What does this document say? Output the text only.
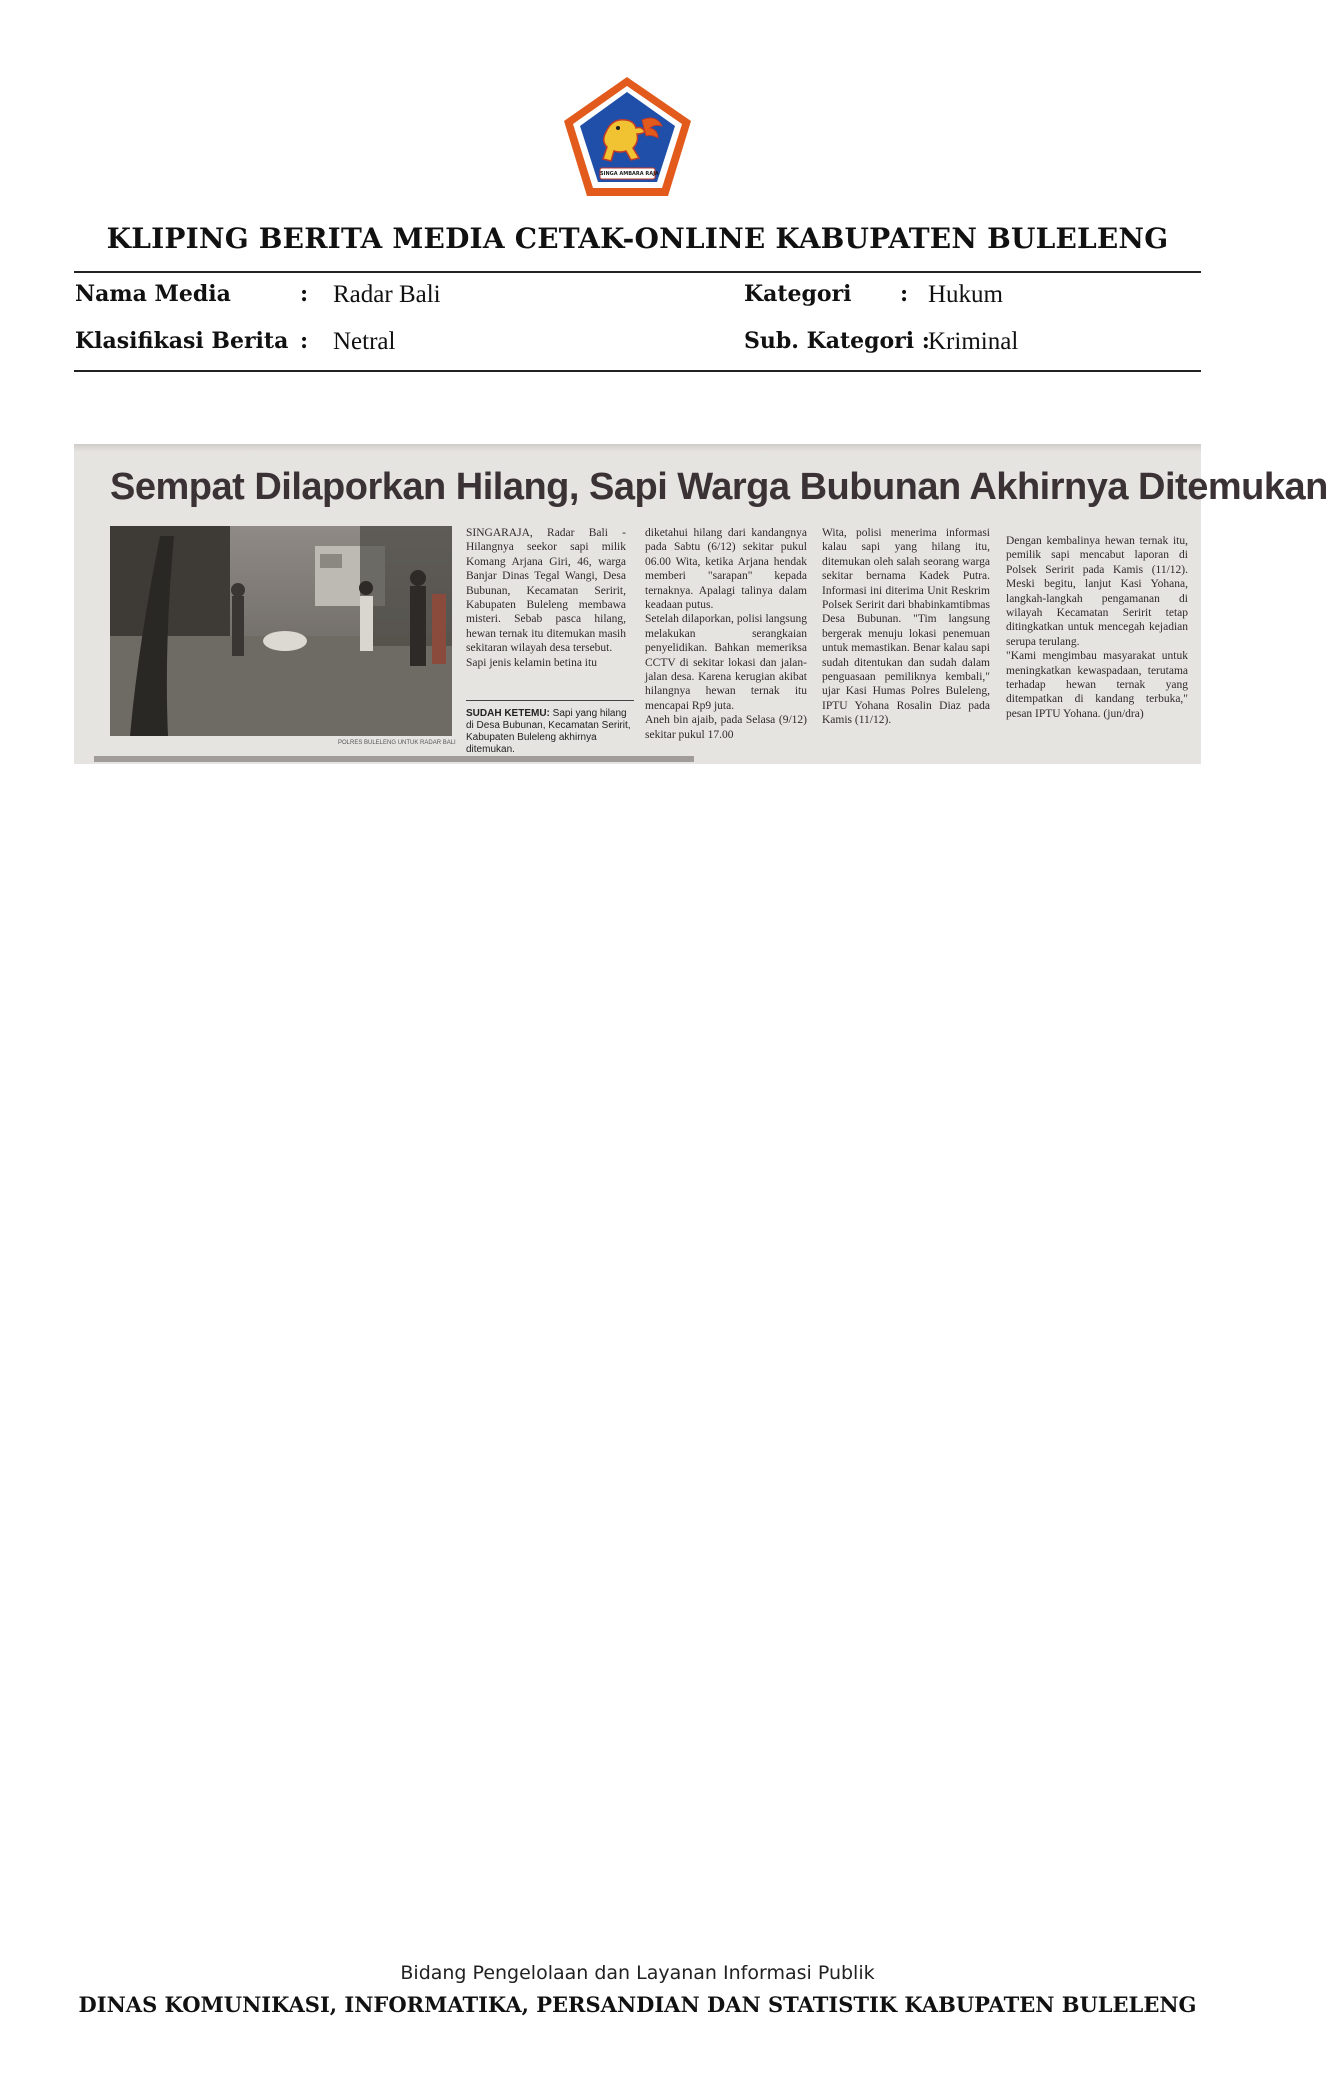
SINGA AMBARA RAJA
KLIPING BERITA MEDIA CETAK-ONLINE KABUPATEN BULELENG
Nama Media	: Radar Bali
Klasifikasi Berita : Netral
Kategori : Hukum
Sub. Kategori :
Kriminal
Sempat Dilaporkan Hilang, Sapi Warga Bubunan Akhirnya Ditemukan
POLRES BULELENG UNTUK RADAR BALI
SINGARAJA, Radar Bali - Hilangnya seekor sapi milik Komang Arjana Giri, 46, warga Banjar Dinas Tegal Wangi, Desa Bubunan, Kecamatan Seririt, Kabupaten Buleleng membawa misteri. Sebab pasca hilang, hewan ternak itu ditemukan masih sekitaran wilayah desa tersebut.
Sapi jenis kelamin betina itu
diketahui hilang dari kandangnya pada Sabtu (6/12) sekitar pukul 06.00 Wita, ketika Arjana hendak memberi "sarapan" kepada ternaknya. Apalagi talinya dalam keadaan putus.
Setelah dilaporkan, polisi langsung melakukan serangkaian penyelidikan. Bahkan memeriksa CCTV di sekitar lokasi dan jalan-jalan desa. Karena kerugian akibat hilangnya hewan ternak itu mencapai Rp9 juta.
Aneh bin ajaib, pada Selasa (9/12) sekitar pukul 17.00
Wita, polisi menerima informasi kalau sapi yang hilang itu, ditemukan oleh salah seorang warga sekitar bernama Kadek Putra. Informasi ini diterima Unit Reskrim Polsek Seririt dari bhabinkamtibmas Desa Bubunan. "Tim langsung bergerak menuju lokasi penemuan untuk memastikan. Benar kalau sapi sudah ditentukan dan sudah dalam penguasaan pemiliknya kembali," ujar Kasi Humas Polres Buleleng, IPTU Yohana Rosalin Diaz pada Kamis (11/12).
Dengan kembalinya hewan ternak itu, pemilik sapi mencabut laporan di Polsek Seririt pada Kamis (11/12). Meski begitu, lanjut Kasi Yohana, langkah-langkah pengamanan di wilayah Kecamatan Seririt tetap ditingkatkan untuk mencegah kejadian serupa terulang.
"Kami mengimbau masyarakat untuk meningkatkan kewaspadaan, terutama terhadap hewan ternak yang ditempatkan di kandang terbuka," pesan IPTU Yohana. (jun/dra)
SUDAH KETEMU: Sapi yang hilang di Desa Bubunan, Kecamatan Seririt, Kabupaten Buleleng akhirnya ditemukan.
Bidang Pengelolaan dan Layanan Informasi Publik
DINAS KOMUNIKASI, INFORMATIKA, PERSANDIAN DAN STATISTIK KABUPATEN BULELENG
